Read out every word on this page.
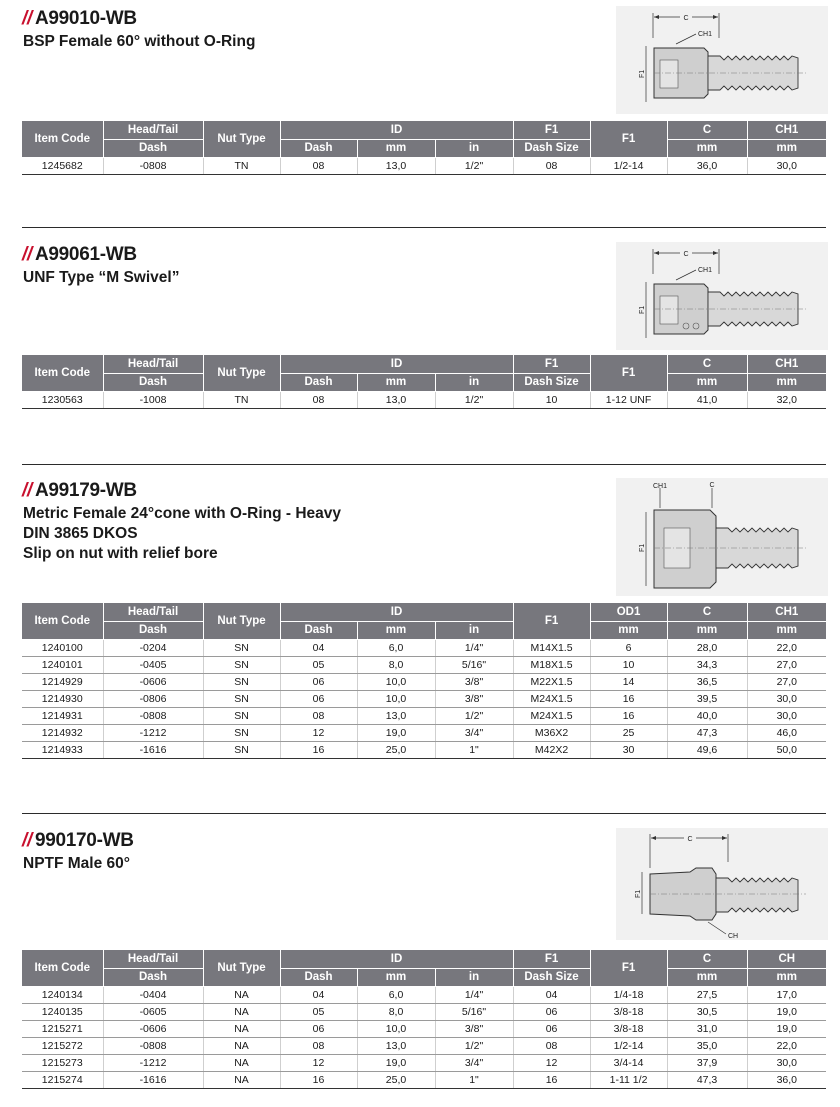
// A99010-WB
BSP Female 60° without O-Ring
C
CH1
F1
Item Code	Head/Tail	Nut Type	ID			F1	F1	C	CH1
	Dash		Dash	mm	in	Dash Size		mm	mm
1245682	-0808	TN	08	13,0	1/2"	08	1/2-14	36,0	30,0
// A99061-WB
UNF Type “M Swivel”
C
CH1
F1
Item Code	Head/Tail	Nut Type	ID			F1	F1	C	CH1
	Dash		Dash	mm	in	Dash Size		mm	mm
1230563	-1008	TN	08	13,0	1/2"	10	1-12 UNF	41,0	32,0
// A99179-WB
Metric Female 24°cone with O-Ring - Heavy
DIN 3865 DKOS
Slip on nut with relief bore
CH1	C
F1
Item Code	Head/Tail	Nut Type	ID			F1	OD1	C	CH1
	Dash		Dash	mm	in		mm	mm	mm
1240100	-0204	SN	04	6,0	1/4"	M14X1.5	6	28,0	22,0
1240101	-0405	SN	05	8,0	5/16"	M18X1.5	10	34,3	27,0
1214929	-0606	SN	06	10,0	3/8"	M22X1.5	14	36,5	27,0
1214930	-0806	SN	06	10,0	3/8"	M24X1.5	16	39,5	30,0
1214931	-0808	SN	08	13,0	1/2"	M24X1.5	16	40,0	30,0
1214932	-1212	SN	12	19,0	3/4"	M36X2	25	47,3	46,0
1214933	-1616	SN	16	25,0	1"	M42X2	30	49,6	50,0
// 990170-WB
NPTF Male 60°
C
F1
CH
Item Code	Head/Tail	Nut Type	ID			F1	F1	C	CH
	Dash		Dash	mm	in	Dash Size		mm	mm
1240134	-0404	NA	04	6,0	1/4"	04	1/4-18	27,5	17,0
1240135	-0605	NA	05	8,0	5/16"	06	3/8-18	30,5	19,0
1215271	-0606	NA	06	10,0	3/8"	06	3/8-18	31,0	19,0
1215272	-0808	NA	08	13,0	1/2"	08	1/2-14	35,0	22,0
1215273	-1212	NA	12	19,0	3/4"	12	3/4-14	37,9	30,0
1215274	-1616	NA	16	25,0	1"	16	1-11 1/2	47,3	36,0
